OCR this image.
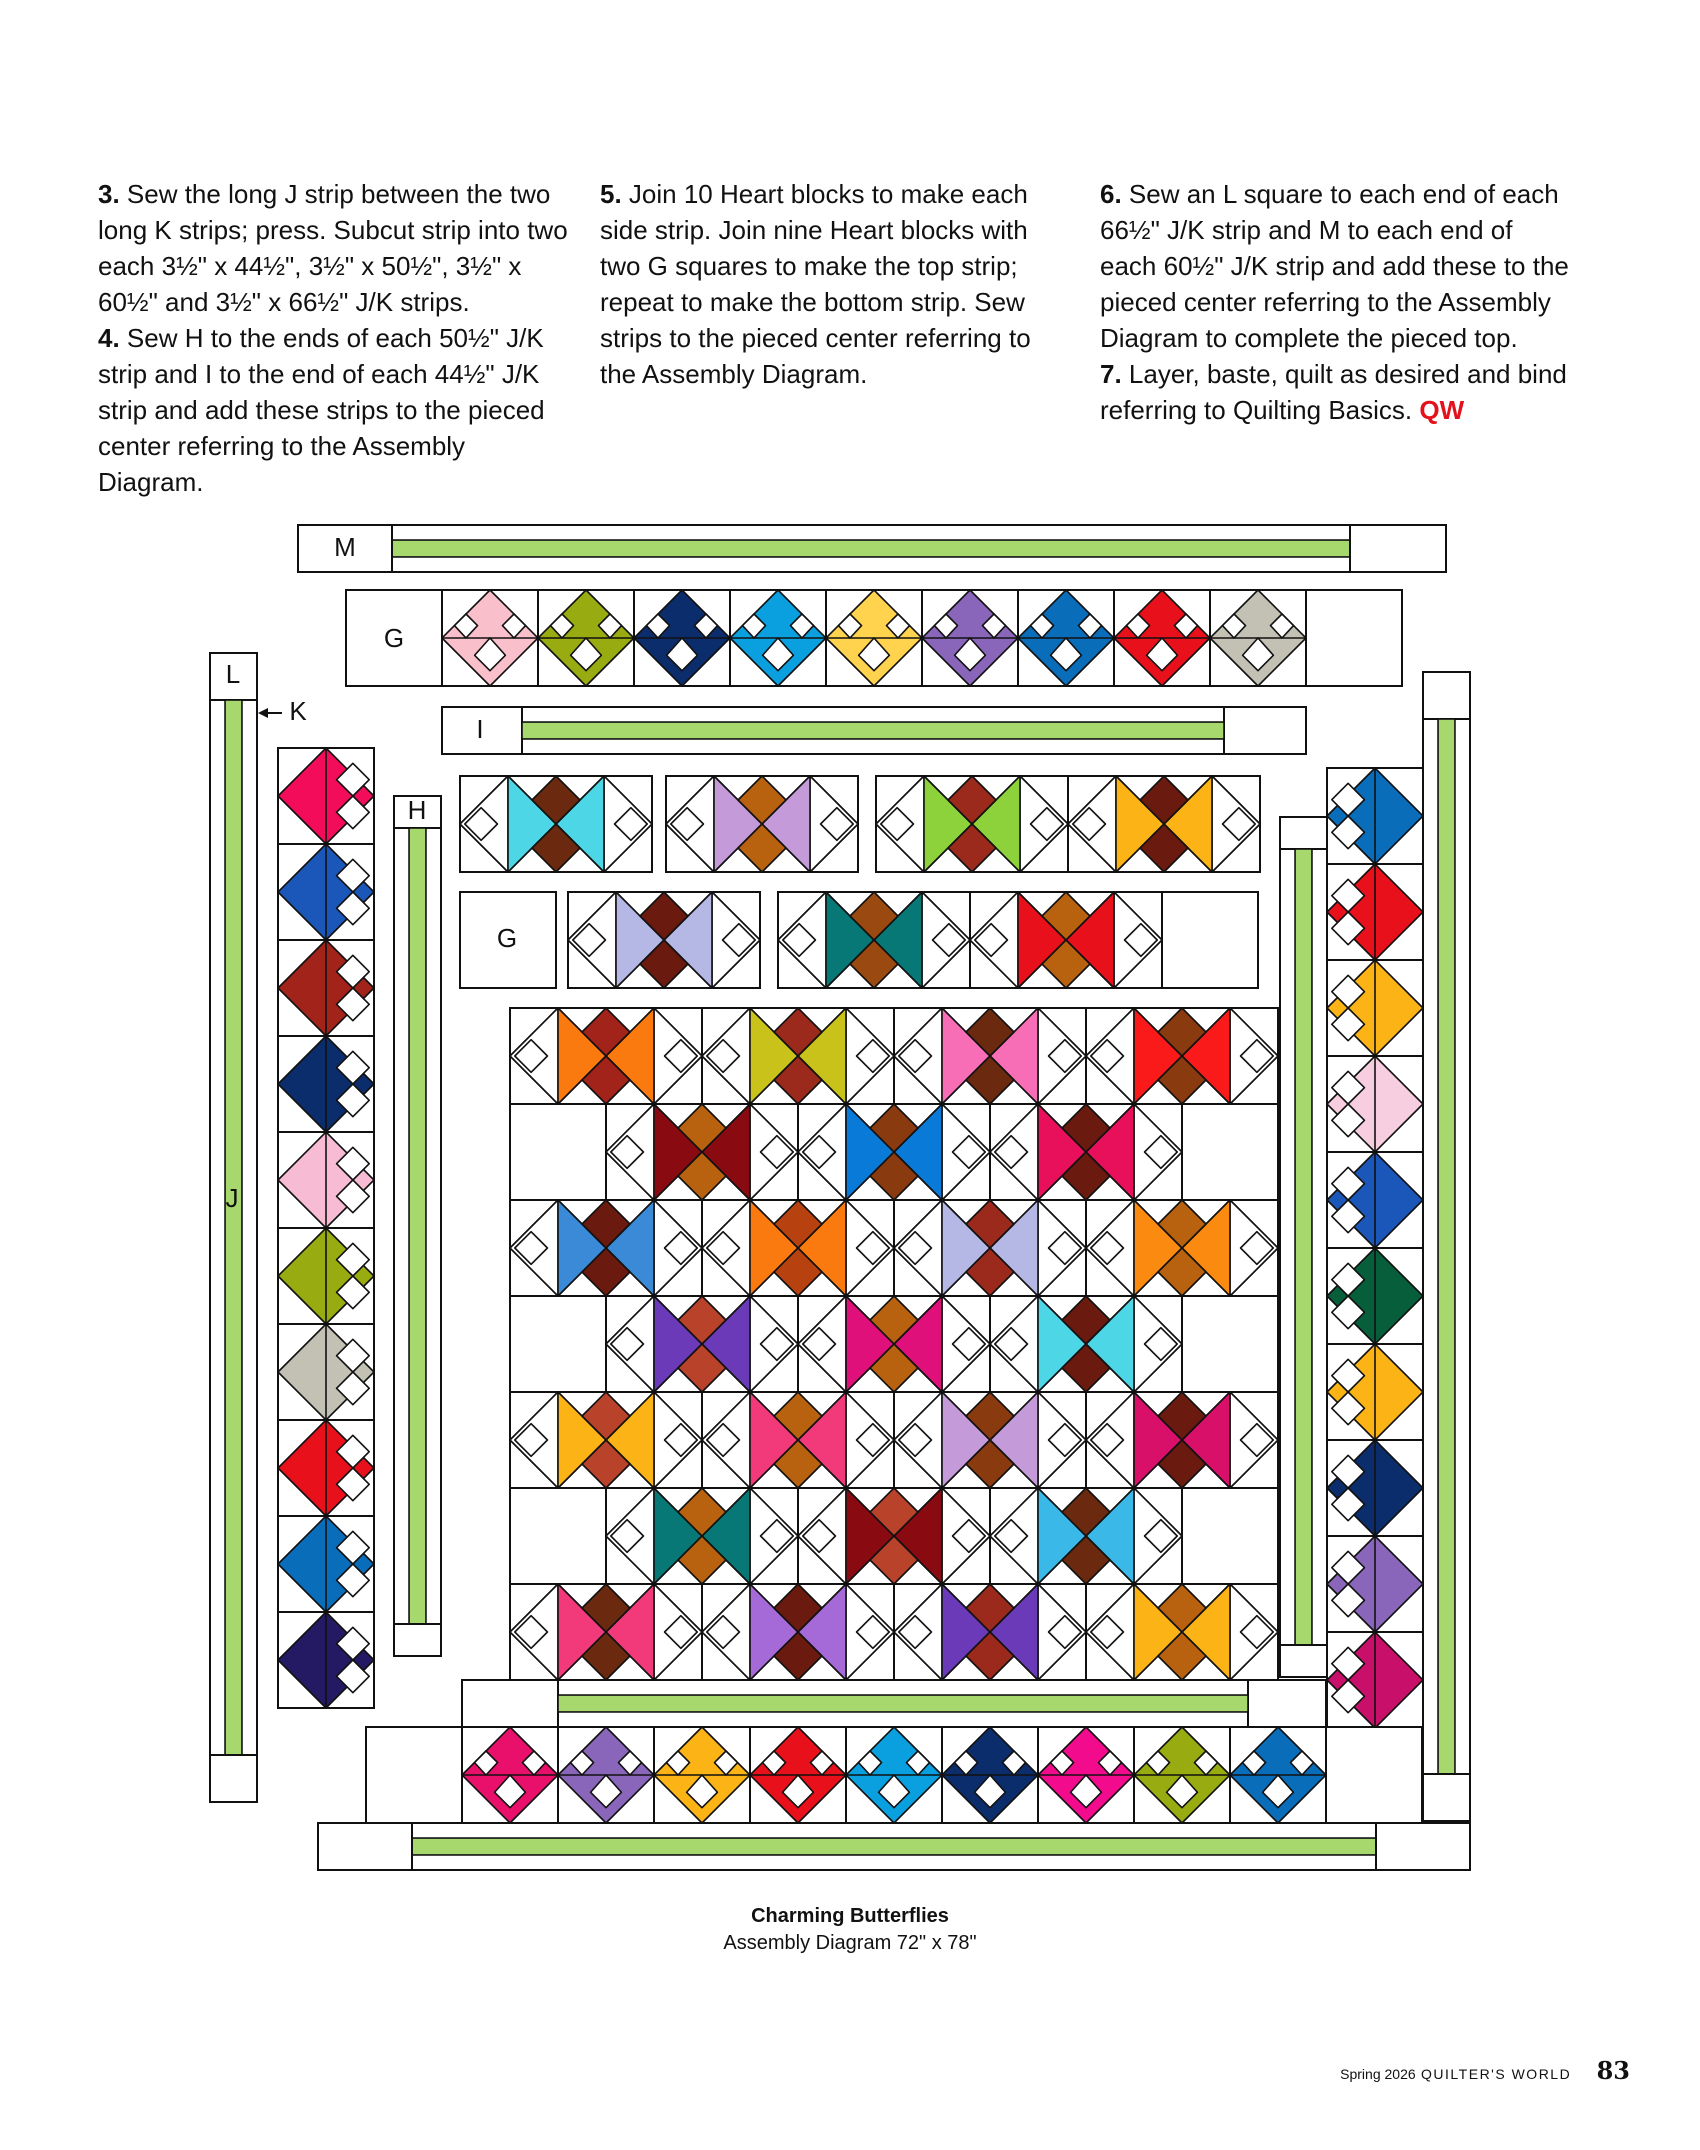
3. Sew the long J strip between the two long K strips; press. Subcut strip into two each 3½" x 44½", 3½" x 50½", 3½" x 60½" and 3½" x 66½" J/K strips.

4. Sew H to the ends of each 50½" J/K strip and I to the end of each 44½" J/K strip and add these strips to the pieced center referring to the Assembly Diagram.

5. Join 10 Heart blocks to make each side strip. Join nine Heart blocks with two G squares to make the top strip; repeat to make the bottom strip. Sew strips to the pieced center referring to the Assembly Diagram.

6. Sew an L square to each end of each 66½" J/K strip and M to each end of each 60½" J/K strip and add these to the pieced center referring to the Assembly Diagram to complete the pieced top.

7. Layer, baste, quilt as desired and bind referring to Quilting Basics. QW

M
G
L
J
K
I
H
G
Charming Butterflies
Assembly Diagram 72" x 78"
Spring 2026 QUILTER'S WORLD 83
